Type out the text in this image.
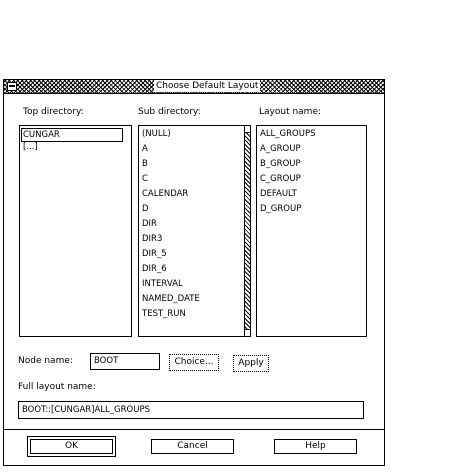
Choose Default Layout
Top directory:	Sub directory:	Layout name:
CUNGAR
[...]
(NULL)
A
B
C
CALENDAR
D
DIR
DIR3
DIR_5
DIR_6
INTERVAL
NAMED_DATE
TEST_RUN
ALL_GROUPS
A_GROUP
B_GROUP
C_GROUP
DEFAULT
D_GROUP
Node name:	BOOT	Choice...	Apply
Full layout name:
BOOT::[CUNGAR]ALL_GROUPS
OK	Cancel	Help
